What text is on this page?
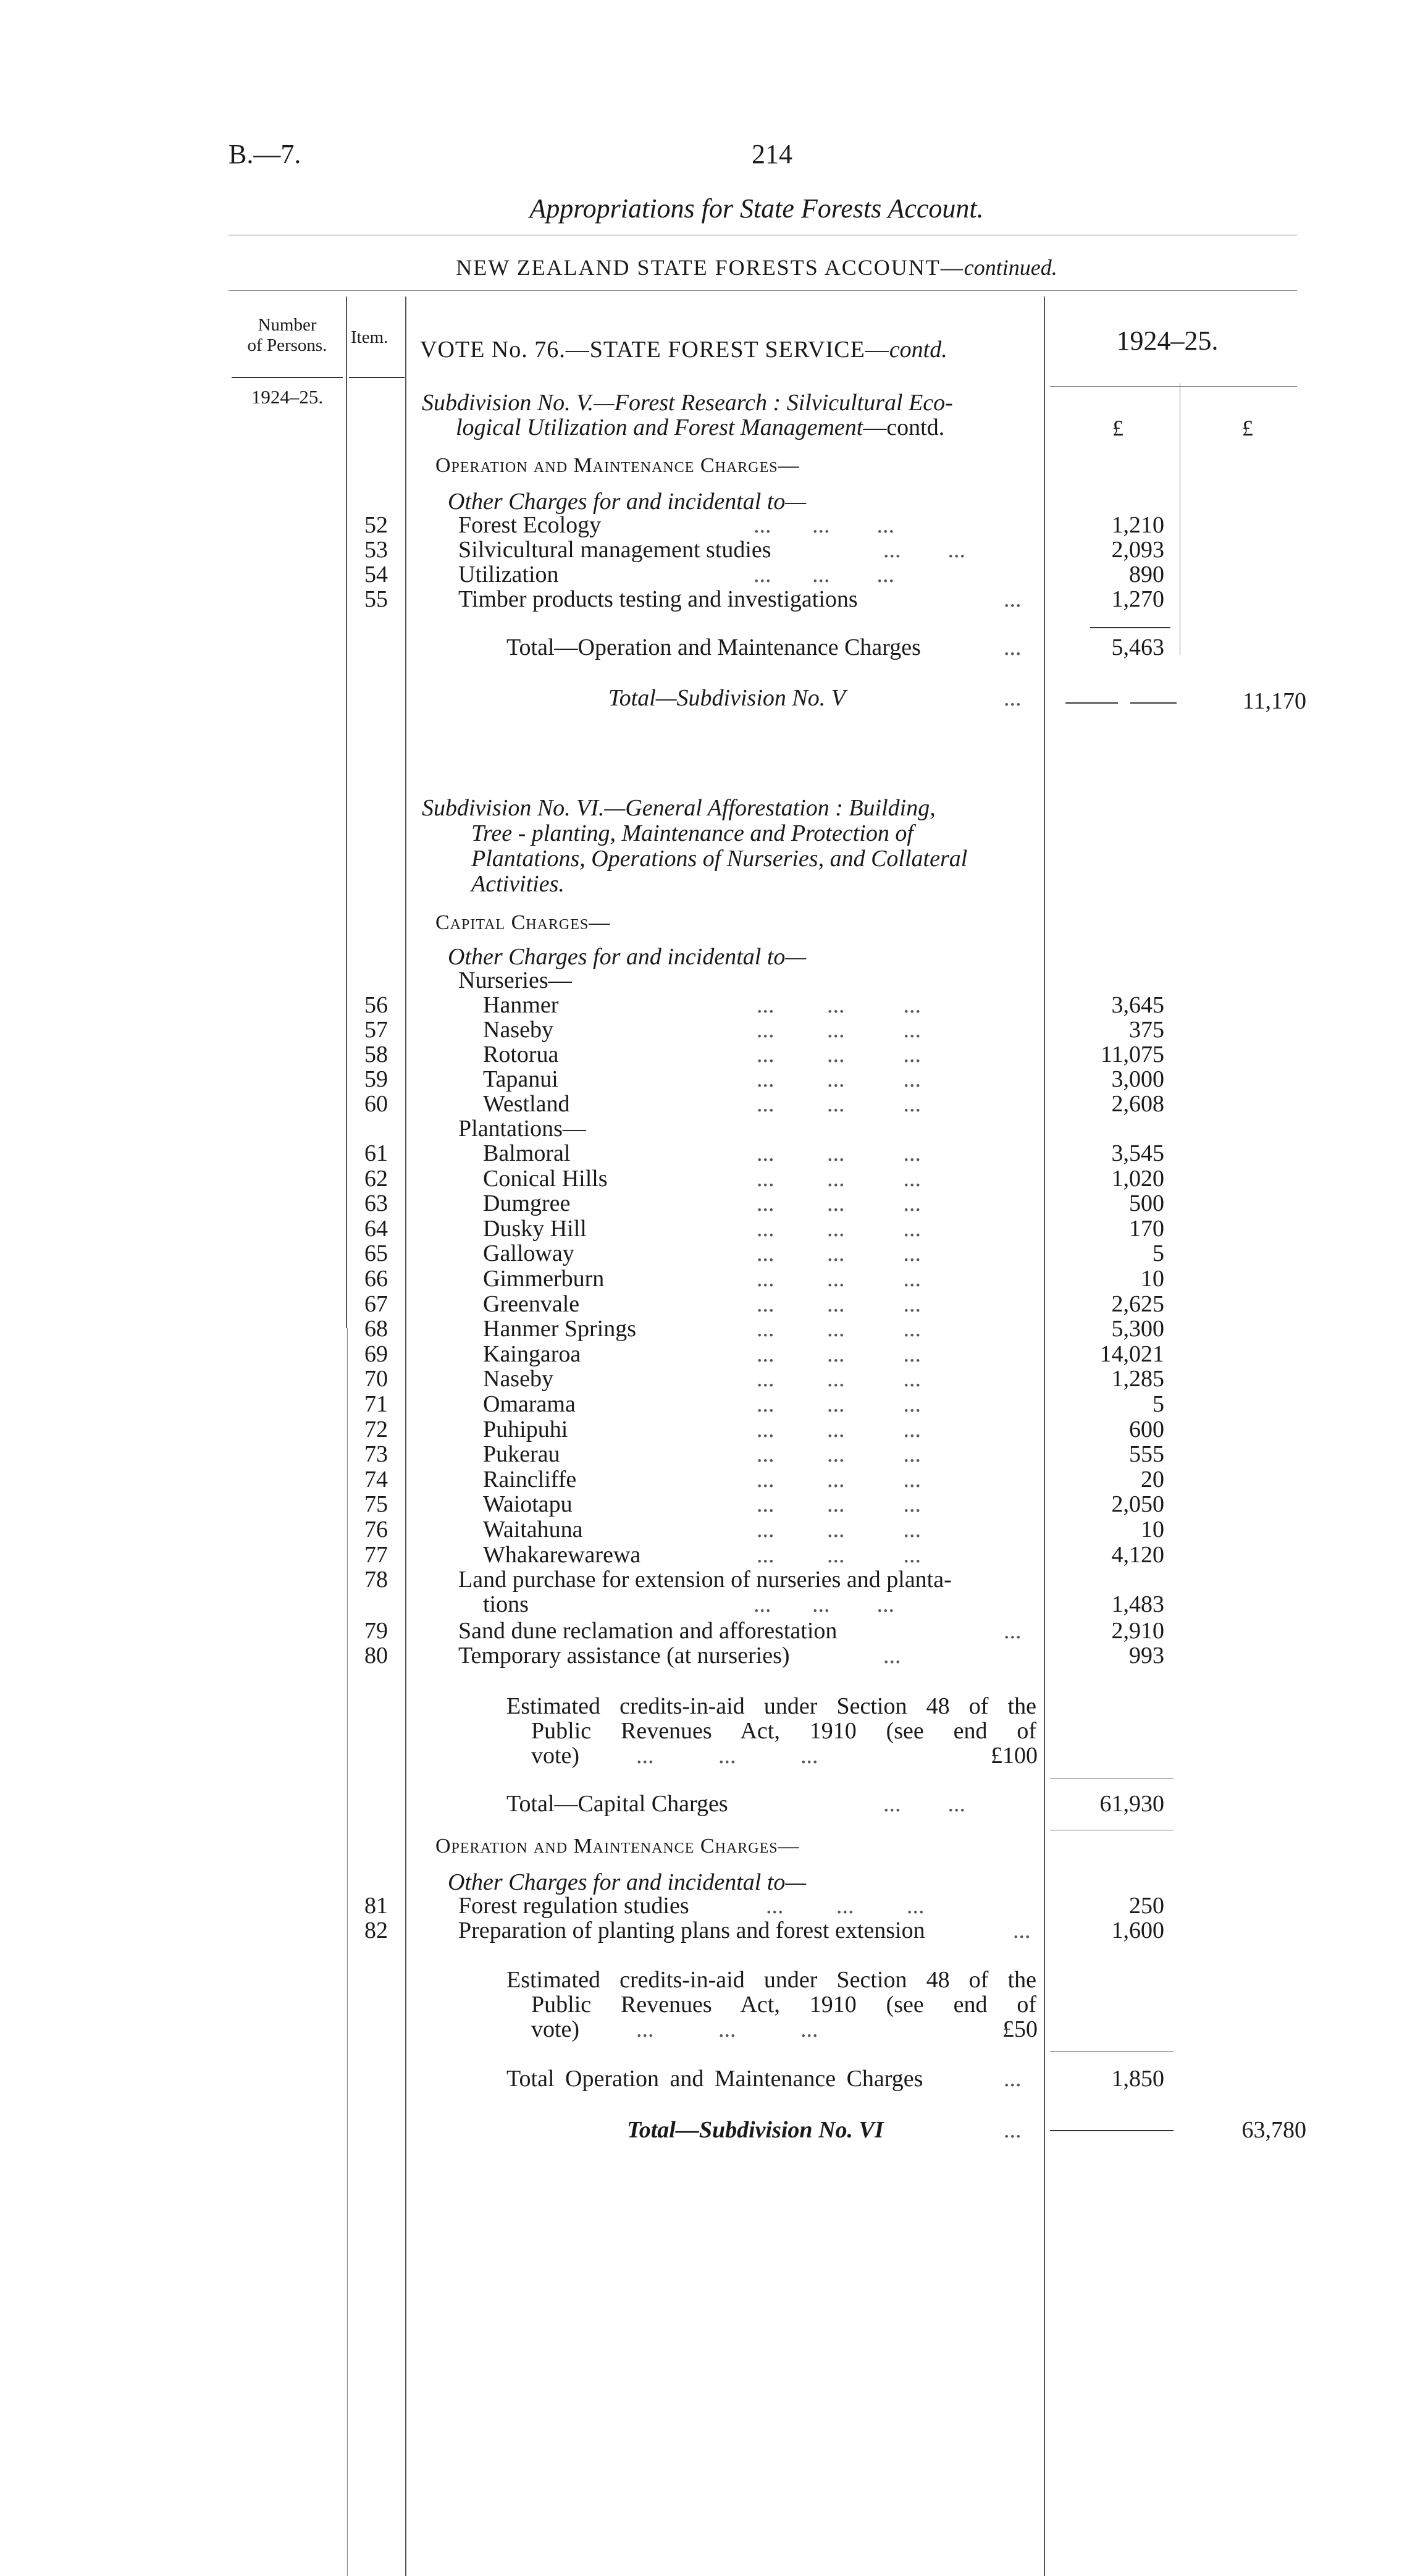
B.—7.	214
Appropriations for State Forests Account.
NEW ZEALAND STATE FORESTS ACCOUNT—continued.
Number
of Persons.	Item. VOTE No. 76.—STATE FOREST SERVICE—contd.	1924–25.
1924–25.
£	£
Subdivision No. V.—Forest Research : Silvicultural Eco-
logical Utilization and Forest Management—contd.
Operation and Maintenance Charges—
Other Charges for and incidental to—
52	Forest Ecology	...       ...        ...	1,210
53	Silvicultural management studies	...        ...	2,093
54	Utilization	...       ...        ...	890
55	Timber products testing and investigations	...	1,270
Total—Operation and Maintenance Charges	...	5,463
Total—Subdivision No. V	...	11,170
Subdivision No. VI.—General Afforestation : Building,
Tree - planting, Maintenance and Protection of
Plantations, Operations of Nurseries, and Collateral
Activities.
Capital Charges—
Other Charges for and incidental to—
Nurseries—
56	Hanmer	...         ...          ...	3,645
57	Naseby	...         ...          ...	375
58	Rotorua	...         ...          ...	11,075
59	Tapanui	...         ...          ...	3,000
60	Westland	...         ...          ...	2,608
Plantations—
61	Balmoral	...         ...          ...	3,545
62	Conical Hills	...         ...          ...	1,020
63	Dumgree	...         ...          ...	500
64	Dusky Hill	...         ...          ...	170
65	Galloway	...         ...          ...	5
66	Gimmerburn	...         ...          ...	10
67	Greenvale	...         ...          ...	2,625
68	Hanmer Springs	...         ...          ...	5,300
69	Kaingaroa	...         ...          ...	14,021
70	Naseby	...         ...          ...	1,285
71	Omarama	...         ...          ...	5
72	Puhipuhi	...         ...          ...	600
73	Pukerau	...         ...          ...	555
74	Raincliffe	...         ...          ...	20
75	Waiotapu	...         ...          ...	2,050
76	Waitahuna	...         ...          ...	10
77	Whakarewarewa	...         ...          ...	4,120
78	Land purchase for extension of nurseries and planta-
tions	...       ...        ...	1,483
79	Sand dune reclamation and afforestation	...	2,910
80	Temporary assistance (at nurseries)	...	993
Estimated credits-in-aid under Section 48 of the
Public Revenues Act, 1910 (see end of
vote) ...           ...           ...	£100
Total—Capital Charges	...        ...	61,930
Operation and Maintenance Charges—
Other Charges for and incidental to—
81	Forest regulation studies	...         ...         ...	250
82	Preparation of planting plans and forest extension	...	1,600
Estimated credits-in-aid under Section 48 of the
Public Revenues Act, 1910 (see end of
vote) ...           ...           ...	£50
Total Operation and Maintenance Charges	...	1,850
Total—Subdivision No. VI	...	63,780
